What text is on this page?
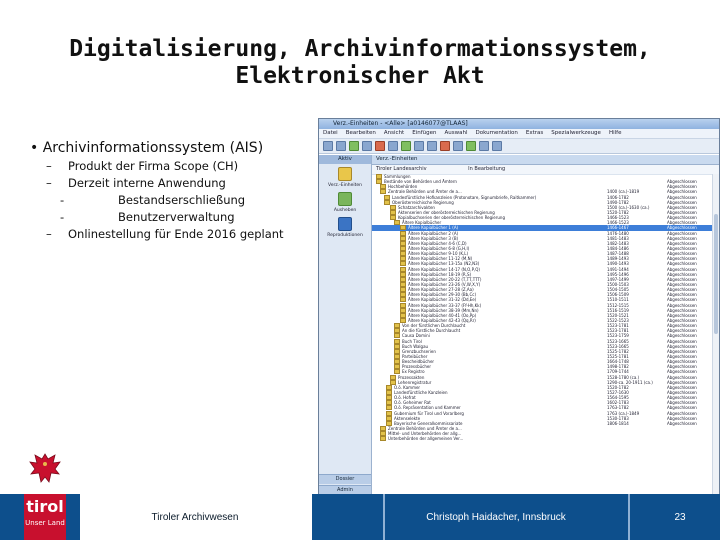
Digitalisierung, Archivinformationssystem,
Elektronischer Akt
• Archivinformationssystem (AIS)
– Produkt der Firma Scope (CH)
– Derzeit interne Anwendung
-	Bestandserschließung
-	Benutzerverwaltung
– Onlinestellung für Ende 2016 geplant
Verz.-Einheiten - <Alle> [a0146077@TLAAS]
Datei Bearbeiten Ansicht Einfügen Auswahl Dokumentation Extras Spezialwerkzeuge Hilfe
Aktiv
Verz.-Einheiten
Ausheben
Reproduktionen
Dossier
Admin
Verz.-Einheiten
Tiroler Landesarchiv	In Bearbeitung
Sammlungen
Bestände von Behörden und Ämtern	Abgeschlossen
Hochbehörden	Abgeschlossen
Zentrale Behörden und Ämter de a...	1400 (ca.)-1819	Abgeschlossen
Landesfürstliche Hofkanzleien (Protonotare, Signumbriefe, Raitkammer)	1406-1782	Abgeschlossen
Oberösterreichische Regierung	1490-1782	Abgeschlossen
Schatzarchivakten	1500 (ca.)-1630 (ca.)	Abgeschlossen
Aktenserien der oberösterreichischen Regierung	1520-1782	Abgeschlossen
Kopialbuchserien der oberösterreichischen Regierung	1466-1523	Abgeschlossen
Ältere Kopialbücher	1466-1523	Abgeschlossen
Ältere Kopialbücher 1 (A)	1466-1467	Abgeschlossen
Ältere Kopialbücher 2 (A)	1476-1480	Abgeschlossen
Ältere Kopialbücher 3 (B)	1481-1483	Abgeschlossen
Ältere Kopialbücher 4-6 (C,D)	1482-1483	Abgeschlossen
Ältere Kopialbücher 6-8 (G,H,I)	1484-1486	Abgeschlossen
Ältere Kopialbücher 9-10 (K,L)	1487-1488	Abgeschlossen
Ältere Kopialbücher 11-12 (M,N)	1489-1493	Abgeschlossen
Ältere Kopialbücher 13-15a (N2,N3)	1490-1493	Abgeschlossen
Ältere Kopialbücher 14-17 (N,O,P,Q)	1491-1494	Abgeschlossen
Ältere Kopialbücher 18-19 (R,S)	1495-1496	Abgeschlossen
Ältere Kopialbücher 20-22 (T,TT,TTT)	1497-1499	Abgeschlossen
Ältere Kopialbücher 23-26 (V,W,X,Y)	1500-1503	Abgeschlossen
Ältere Kopialbücher 27-28 (Z,Aa)	1504-1505	Abgeschlossen
Ältere Kopialbücher 29-30 (Bb,Cc)	1506-1509	Abgeschlossen
Ältere Kopialbücher 31-32 (Dd,Ee)	1510-1511	Abgeschlossen
Ältere Kopialbücher 33-37 (Ff-Hh,Kk)	1512-1515	Abgeschlossen
Ältere Kopialbücher 38-39 (Mm,Nn)	1516-1519	Abgeschlossen
Ältere Kopialbücher 40-41 (Oo,Pp)	1520-1521	Abgeschlossen
Ältere Kopialbücher 42-43 (Qq,Rr)	1522-1523	Abgeschlossen
Von der fürstlichen Durchlaucht	1523-1781	Abgeschlossen
An die fürstliche Durchlaucht	1523-1781	Abgeschlossen
Causa Domini	1523-1759	Abgeschlossen
Buch Tirol	1523-1665	Abgeschlossen
Buch Walgau	1523-1665	Abgeschlossen
Grenzbuchserien	1525-1782	Abgeschlossen
Parteibücher	1525-1781	Abgeschlossen
Bescheidbücher	1664-1748	Abgeschlossen
Prozessbücher	1498-1782	Abgeschlossen
Ex Registro	1709-1744	Abgeschlossen
Prozessakten	1528-1780 (ca.)	Abgeschlossen
Lehenregistratur	1290-ca. 20-1911 (ca.)	Abgeschlossen
O.ö. Kammer	1520-1782	Abgeschlossen
Landesfürstliche Kanzleien	1527-1630	Abgeschlossen
O.ö. Hofrat	1564-1595	Abgeschlossen
O.ö. Geheimer Rat	1602-1783	Abgeschlossen
O.ö. Repräsentation und Kammer	1763-1782	Abgeschlossen
Gubernium für Tirol und Vorarlberg	1763 (ca.)-1849	Abgeschlossen
Aktenselekte	1530-1783	Abgeschlossen
Bayerische Generalkommissariate	1806-1814	Abgeschlossen
Zentrale Behörden und Ämter de a...
Mittel- und Unterbehörden der allg...
Unterbehörden der allgemeinen Ver...
Tiroler Archivwesen	Christoph Haidacher, Innsbruck	23
tirol
Unser Land
